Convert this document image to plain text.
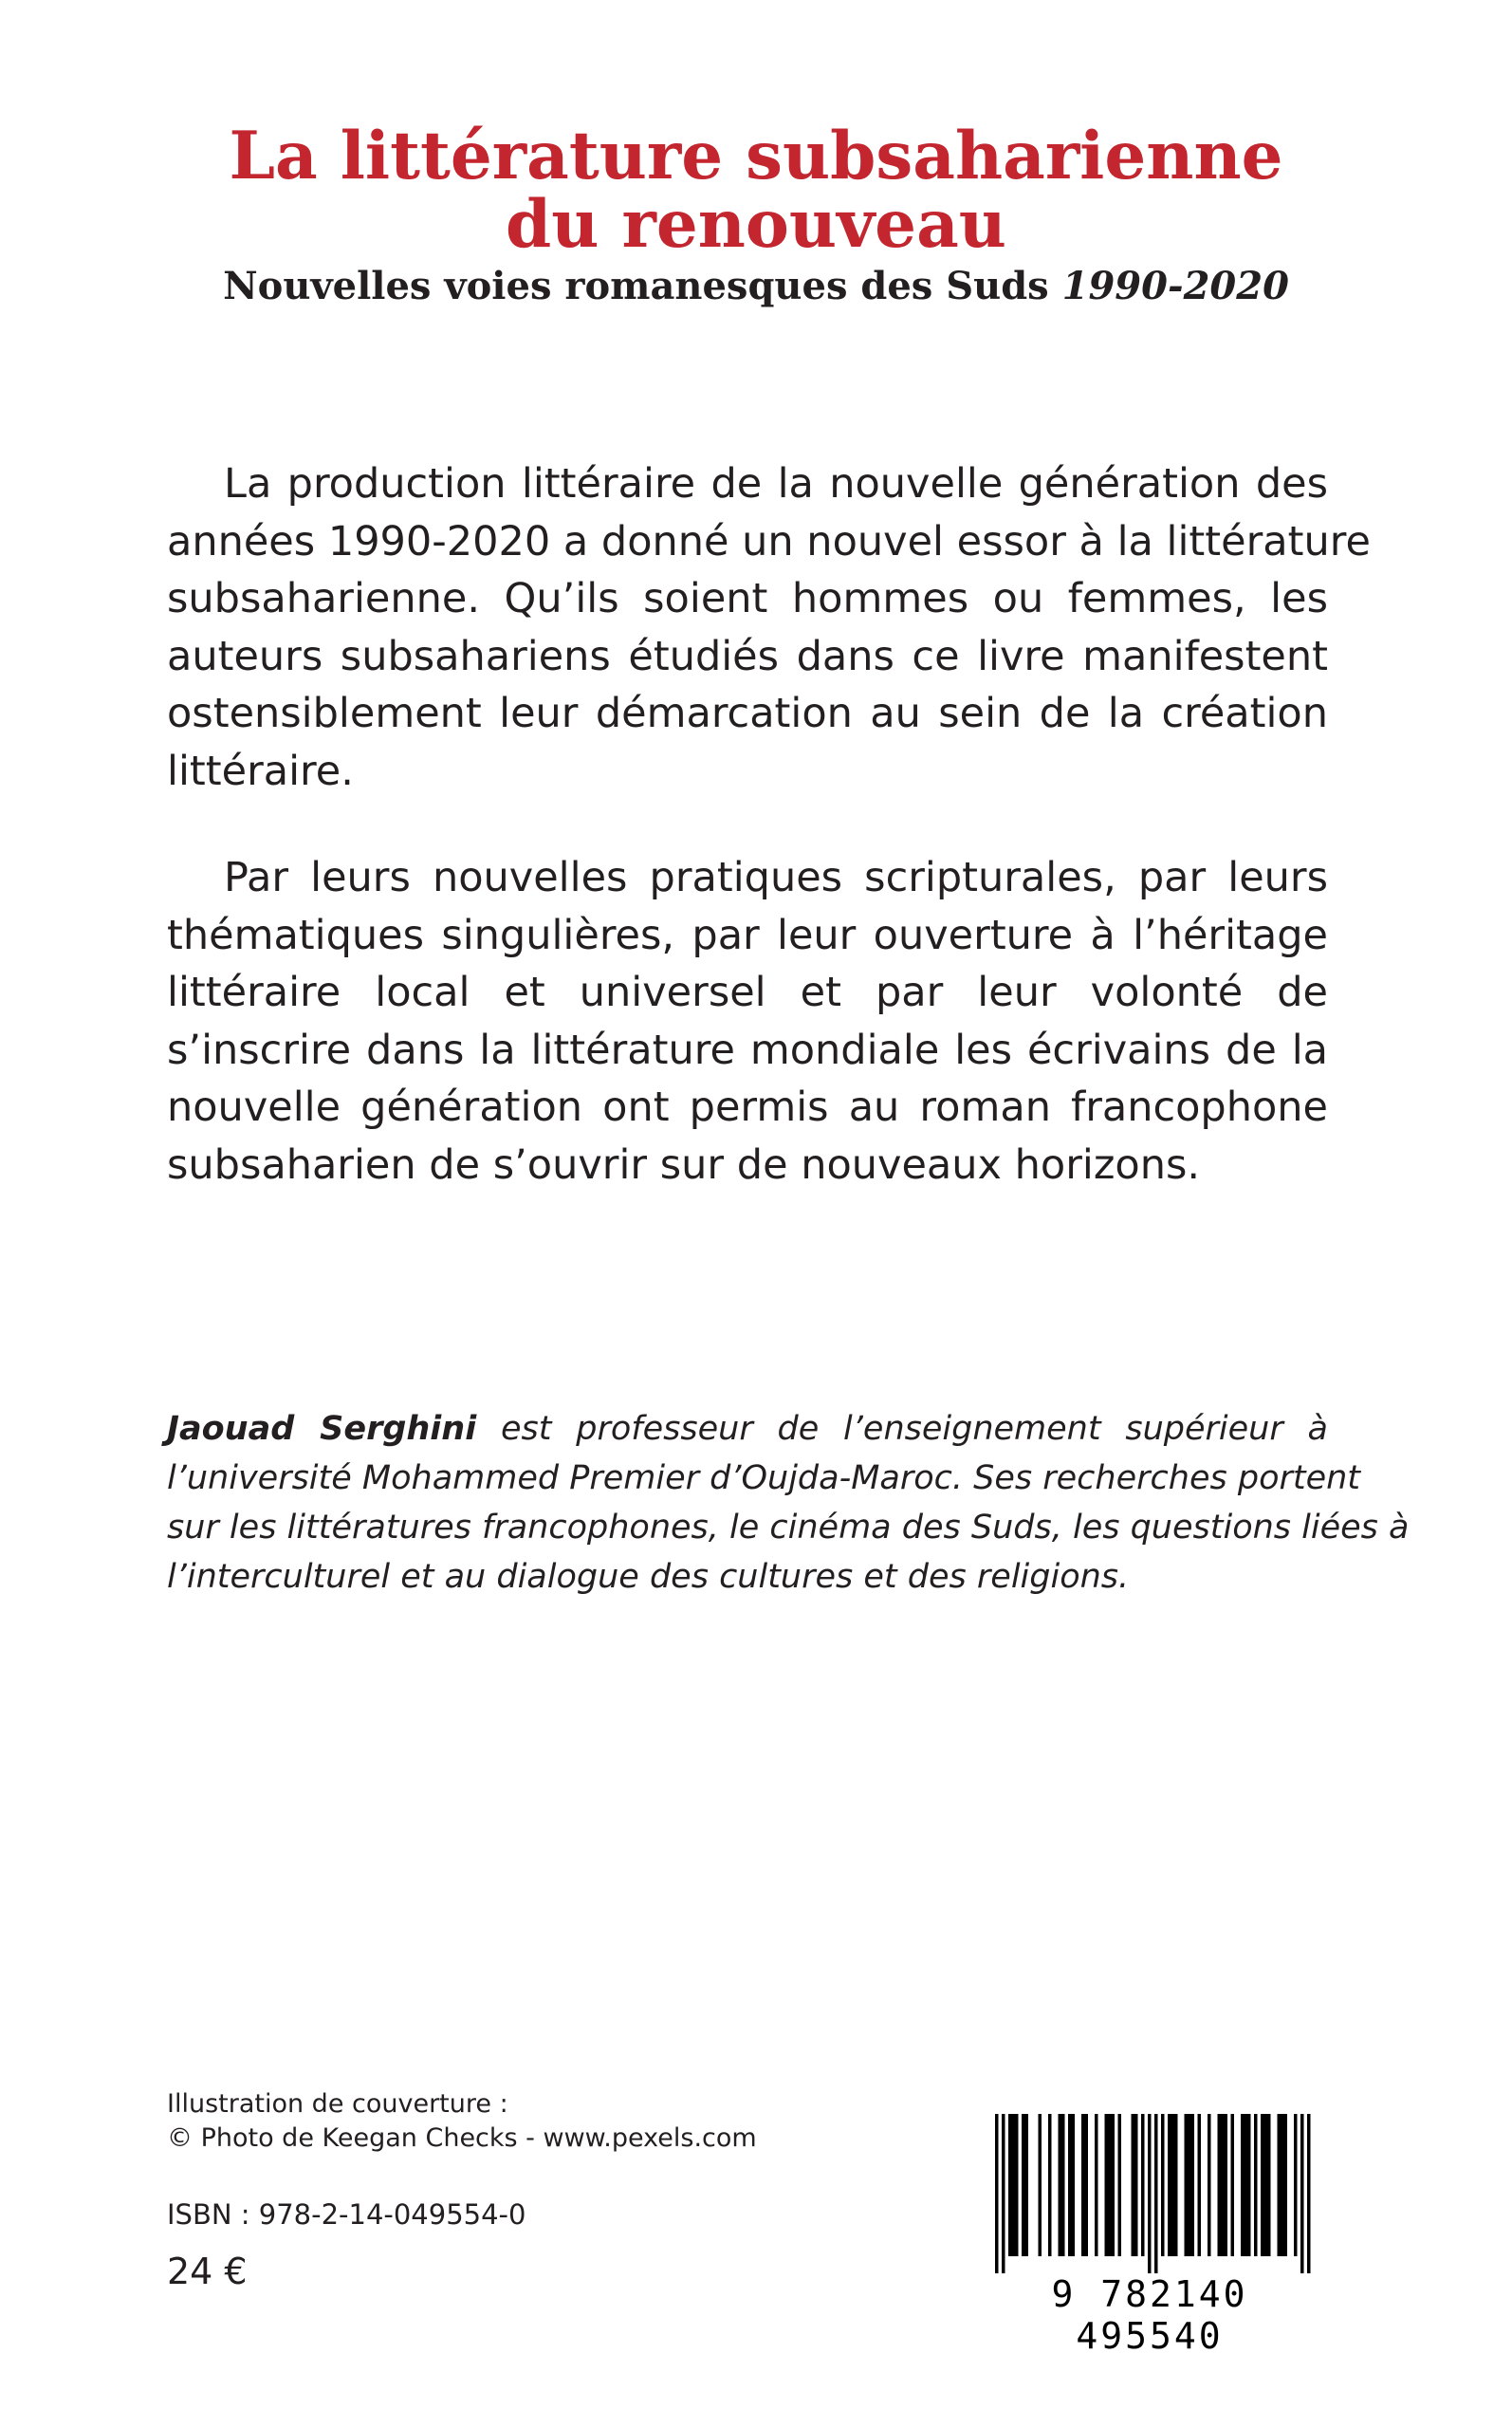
La littérature subsaharienne
du renouveau

Nouvelles voies romanesques des Suds 1990-2020

La production littéraire de la nouvelle génération des
années 1990-2020 a donné un nouvel essor à la littérature
subsaharienne. Qu’ils soient hommes ou femmes, les
auteurs subsahariens étudiés dans ce livre manifestent
ostensiblement leur démarcation au sein de la création
littéraire.
Par leurs nouvelles pratiques scripturales, par leurs
thématiques singulières, par leur ouverture à l’héritage
littéraire local et universel et par leur volonté de
s’inscrire dans la littérature mondiale les écrivains de la
nouvelle génération ont permis au roman francophone
subsaharien de s’ouvrir sur de nouveaux horizons.
Jaouad Serghini est professeur de l’enseignement supérieur à
l’université Mohammed Premier d’Oujda-Maroc. Ses recherches portent
sur les littératures francophones, le cinéma des Suds, les questions liées à
l’interculturel et au dialogue des cultures et des religions.
Illustration de couverture :
© Photo de Keegan Checks - www.pexels.com
ISBN : 978-2-14-049554-0
24 €
9 782140 495540
